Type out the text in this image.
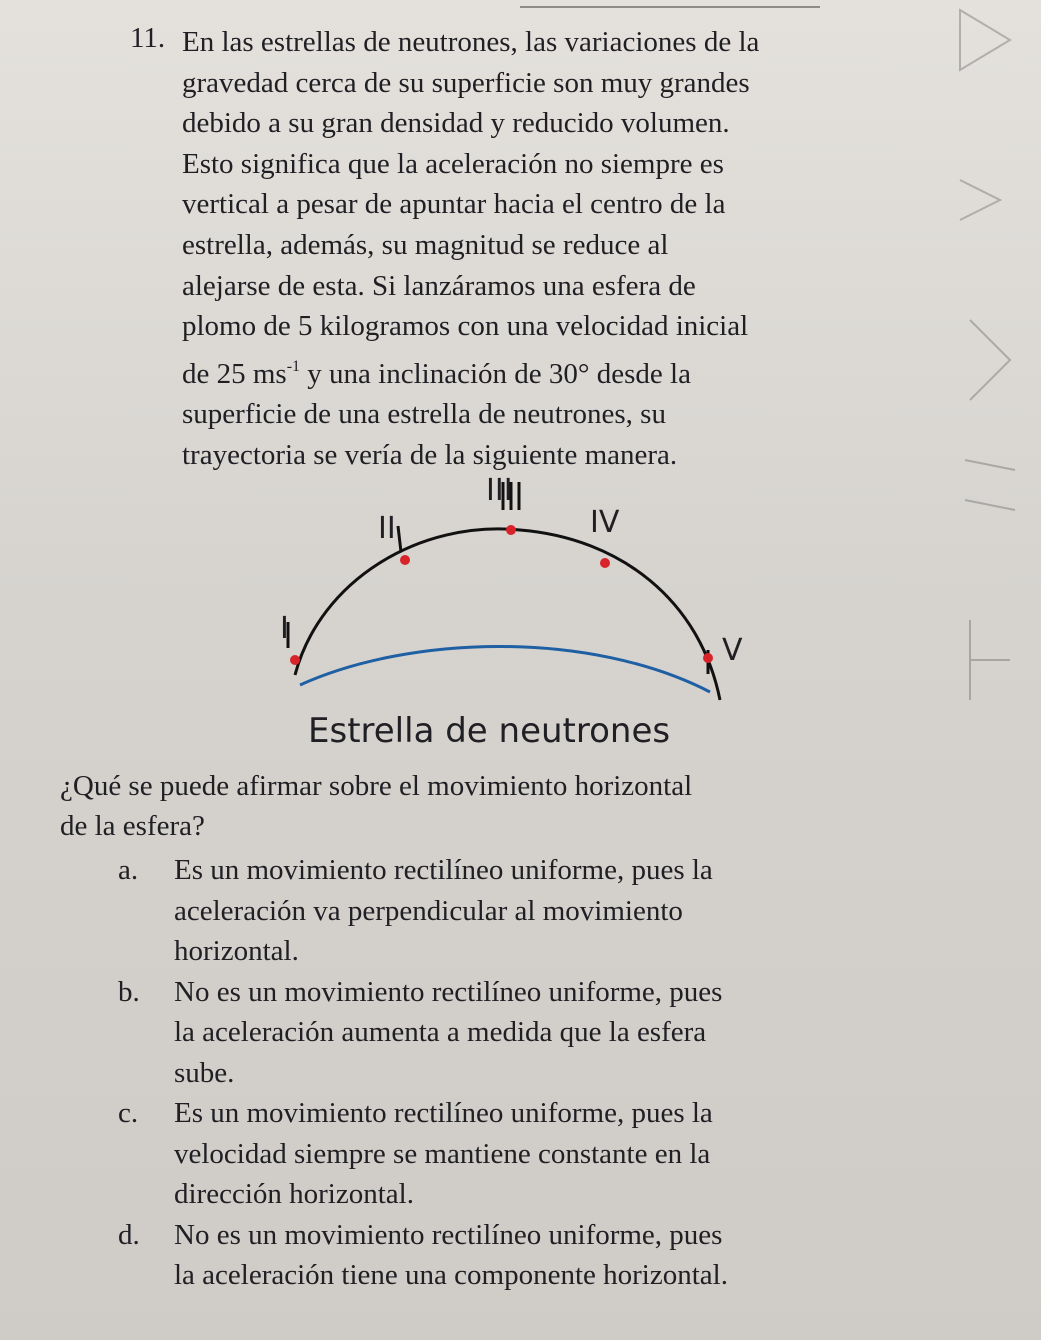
11. En las estrellas de neutrones, las variaciones de la
gravedad cerca de su superficie son muy grandes
debido a su gran densidad y reducido volumen.
Esto significa que la aceleración no siempre es
vertical a pesar de apuntar hacia el centro de la
estrella, además, su magnitud se reduce al
alejarse de esta. Si lanzáramos una esfera de
plomo de 5 kilogramos con una velocidad inicial
de 25 $ms^{-1}$ y una inclinación de 30° desde la
superficie de una estrella de neutrones, su
trayectoria se vería de la siguiente manera.
I
II
III
IV
V
Estrella de neutrones
¿Qué se puede afirmar sobre el movimiento horizontal
de la esfera?
a. Es un movimiento rectilíneo uniforme, pues la
aceleración va perpendicular al movimiento
horizontal.
b. No es un movimiento rectilíneo uniforme, pues
la aceleración aumenta a medida que la esfera
sube.
c. Es un movimiento rectilíneo uniforme, pues la
velocidad siempre se mantiene constante en la
dirección horizontal.
d. No es un movimiento rectilíneo uniforme, pues
la aceleración tiene una componente horizontal.
